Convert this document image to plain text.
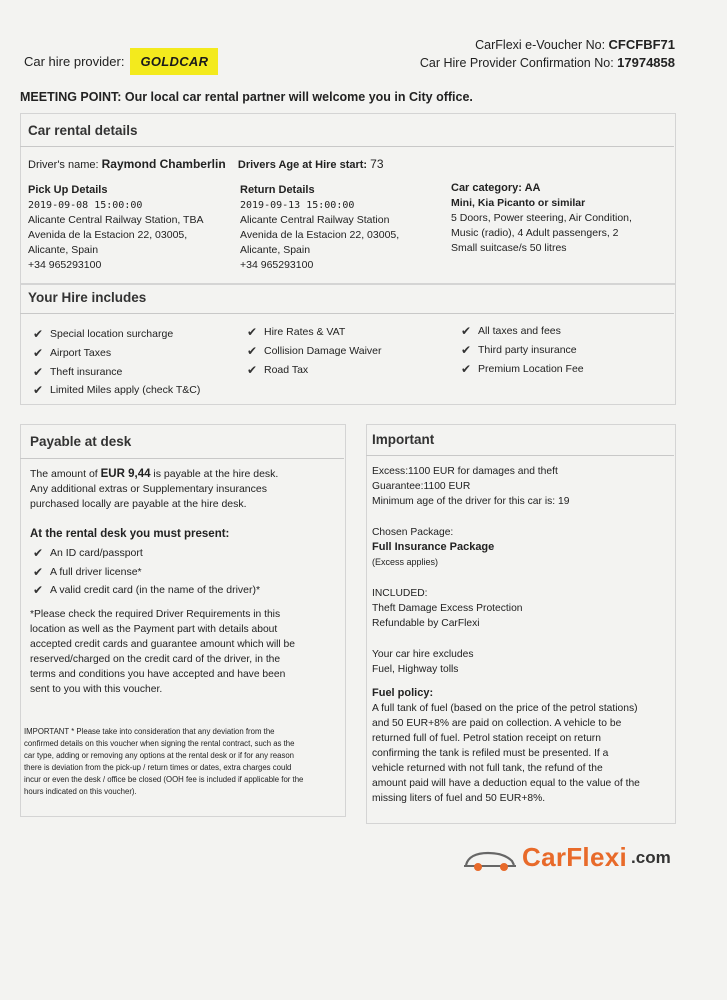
Car hire provider:	GOLDCAR
CarFlexi e-Voucher No: CFCFBF71
Car Hire Provider Confirmation No: 17974858
MEETING POINT: Our local car rental partner will welcome you in City office.
Car rental details
Driver's name: Raymond Chamberlin Drivers Age at Hire start: 73
Pick Up Details
2019-09-08 15:00:00
Alicante Central Railway Station, TBA
Avenida de la Estacion 22, 03005,
Alicante, Spain
+34 965293100
Return Details
2019-09-13 15:00:00
Alicante Central Railway Station
Avenida de la Estacion 22, 03005,
Alicante, Spain
+34 965293100
Car category: AA
Mini, Kia Picanto or similar
5 Doors, Power steering, Air Condition,
Music (radio), 4 Adult passengers, 2
Small suitcase/s 50 litres
Your Hire includes
✔ Special location surcharge
✔ Airport Taxes
✔ Theft insurance
✔ Limited Miles apply (check T&C)
✔ Hire Rates & VAT
✔ Collision Damage Waiver
✔ Road Tax
✔ All taxes and fees
✔ Third party insurance
✔ Premium Location Fee
Payable at desk
The amount of EUR 9,44 is payable at the hire desk.
Any additional extras or Supplementary insurances
purchased locally are payable at the hire desk.
At the rental desk you must present:
✔ An ID card/passport
✔ A full driver license*
✔ A valid credit card (in the name of the driver)*
*Please check the required Driver Requirements in this
location as well as the Payment part with details about
accepted credit cards and guarantee amount which will be
reserved/charged on the credit card of the driver, in the
terms and conditions you have accepted and have been
sent to you with this voucher.
IMPORTANT * Please take into consideration that any deviation from the
confirmed details on this voucher when signing the rental contract, such as the
car type, adding or removing any options at the rental desk or if for any reason
there is deviation from the pick-up / return times or dates, extra charges could
incur or even the desk / office be closed (OOH fee is included if applicable for the
hours indicated on this voucher).
Important
Excess:1100 EUR for damages and theft
Guarantee:1100 EUR
Minimum age of the driver for this car is: 19
Chosen Package:
Full Insurance Package
(Excess applies)
INCLUDED:
Theft Damage Excess Protection
Refundable by CarFlexi
Your car hire excludes
Fuel, Highway tolls
Fuel policy:
A full tank of fuel (based on the price of the petrol stations)
and 50 EUR+8% are paid on collection. A vehicle to be
returned full of fuel. Petrol station receipt on return
confirming the tank is refiled must be presented. If a
vehicle returned with not full tank, the refund of the
amount paid will have a deduction equal to the value of the
missing liters of fuel and 50 EUR+8%.
CarFlexi .com
